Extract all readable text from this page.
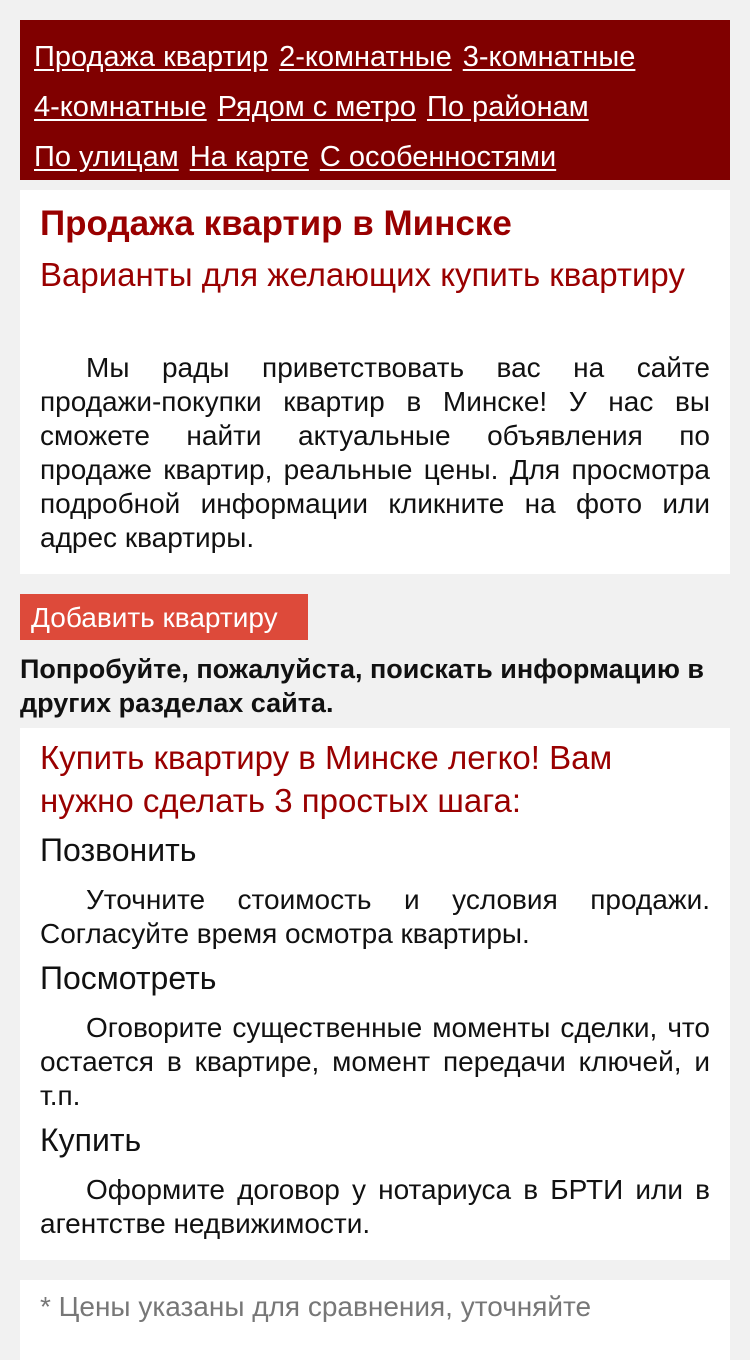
Продажа квартир 2-комнатные 3-комнатные
4-комнатные Рядом с метро По районам
По улицам На карте С особенностями
Продажа квартир в Минске
Варианты для желающих купить квартиру

Мы рады приветствовать вас на сайте продажи-покупки квартир в Минске! У нас вы сможете найти актуальные объявления по продаже квартир, реальные цены. Для просмотра подробной информации кликните на фото или адрес квартиры.

Добавить квартиру

Попробуйте, пожалуйста, поискать информацию в других разделах сайта.

Купить квартиру в Минске легко! Вам нужно сделать 3 простых шага:
Позвонить

Уточните стоимость и условия продажи. Согласуйте время осмотра квартиры.

Посмотреть

Оговорите существенные моменты сделки, что остается в квартире, момент передачи ключей, и т.п.

Купить

Оформите договор у нотариуса в БРТИ или в агентстве недвижимости.

* Цены указаны для сравнения, уточняйте
